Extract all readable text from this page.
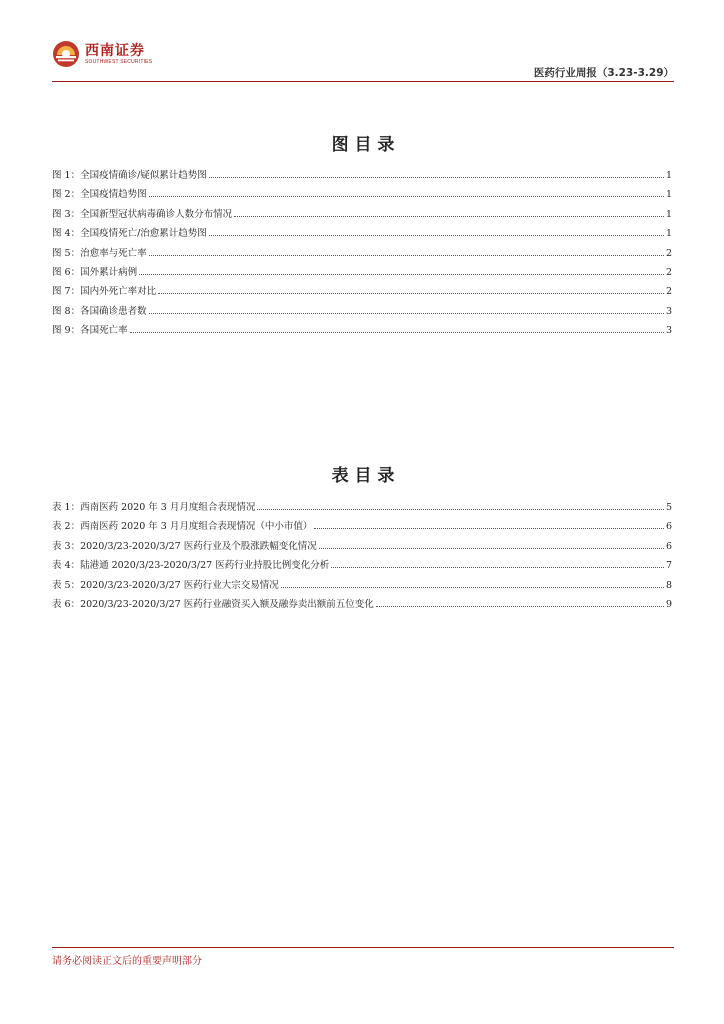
西南证券
SOUTHWEST SECURITIES
医药行业周报（3.23-3.29）
图 目 录
图 1：全国疫情确诊/疑似累计趋势图	1
图 2：全国疫情趋势图	1
图 3：全国新型冠状病毒确诊人数分布情况	1
图 4：全国疫情死亡/治愈累计趋势图	1
图 5：治愈率与死亡率	2
图 6：国外累计病例	2
图 7：国内外死亡率对比	2
图 8：各国确诊患者数	3
图 9：各国死亡率	3
表 目 录
表 1：西南医药 2020 年 3 月月度组合表现情况	5
表 2：西南医药 2020 年 3 月月度组合表现情况（中小市值）	6
表 3：2020/3/23-2020/3/27 医药行业及个股涨跌幅变化情况	6
表 4：陆港通 2020/3/23-2020/3/27 医药行业持股比例变化分析	7
表 5：2020/3/23-2020/3/27 医药行业大宗交易情况	8
表 6：2020/3/23-2020/3/27 医药行业融资买入额及融券卖出额前五位变化	9
请务必阅读正文后的重要声明部分
